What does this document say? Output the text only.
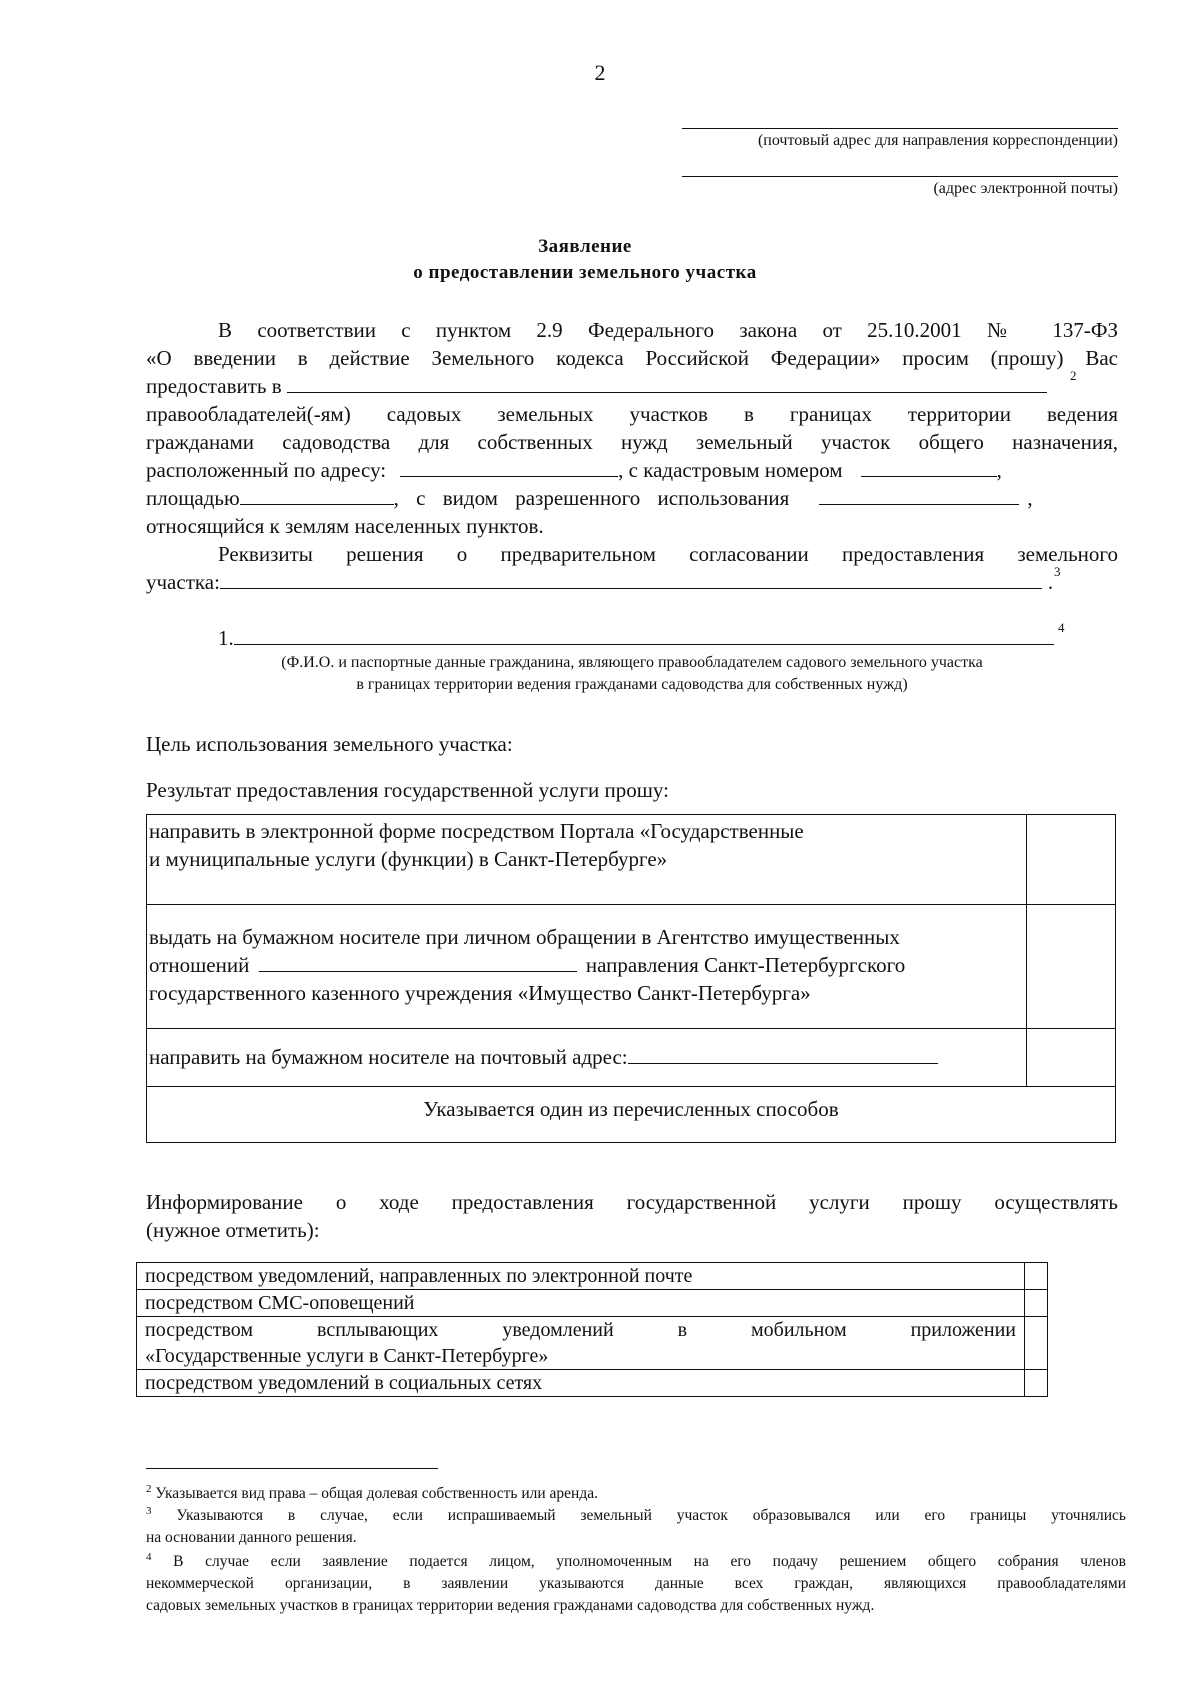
2
(почтовый адрес для направления корреспонденции)
(адрес электронной почты)
Заявление
о предоставлении земельного участка
В соответствии с пунктом 2.9 Федерального закона от 25.10.2001 № 137-ФЗ
«О введении в действие Земельного кодекса Российской Федерации» просим (прошу) Вас
предоставить в	2
правообладателей(-ям) садовых земельных участков в границах территории ведения
гражданами садоводства для собственных нужд земельный участок общего назначения,
расположенный по адресу:	, с кадастровым номером	,
площадью	, с видом разрешенного использования	,
относящийся к землям населенных пунктов.
Реквизиты решения о предварительном согласовании предоставления земельного
участка:	. 3
1.	4
(Ф.И.О. и паспортные данные гражданина, являющего правообладателем садового земельного участка
в границах территории ведения гражданами садоводства для собственных нужд)
Цель использования земельного участка:
Результат предоставления государственной услуги прошу:
направить в электронной форме посредством Портала «Государственные
и муниципальные услуги (функции) в Санкт-Петербурге»	

выдать на бумажном носителе при личном обращении в Агентство имущественных
отношений направления Санкт-Петербургского
государственного казенного учреждения «Имущество Санкт-Петербурга»	

направить на бумажном носителе на почтовый адрес:	
Указывается один из перечисленных способов	
Информирование о ходе предоставления государственной услуги прошу осуществлять
(нужное отметить):
посредством уведомлений, направленных по электронной почте	
посредством СМС-оповещений	

посредством всплывающих уведомлений в мобильном приложении
«Государственные услуги в Санкт-Петербурге»	

посредством уведомлений в социальных сетях	
$^2$ Указывается вид права – общая долевая собственность или аренда.
$^3$ Указываются в случае, если испрашиваемый земельный участок образовывался или его границы уточнялись
на основании данного решения.
$^4$ В случае если заявление подается лицом, уполномоченным на его подачу решением общего собрания членов
некоммерческой организации, в заявлении указываются данные всех граждан, являющихся правообладателями
садовых земельных участков в границах территории ведения гражданами садоводства для собственных нужд.
